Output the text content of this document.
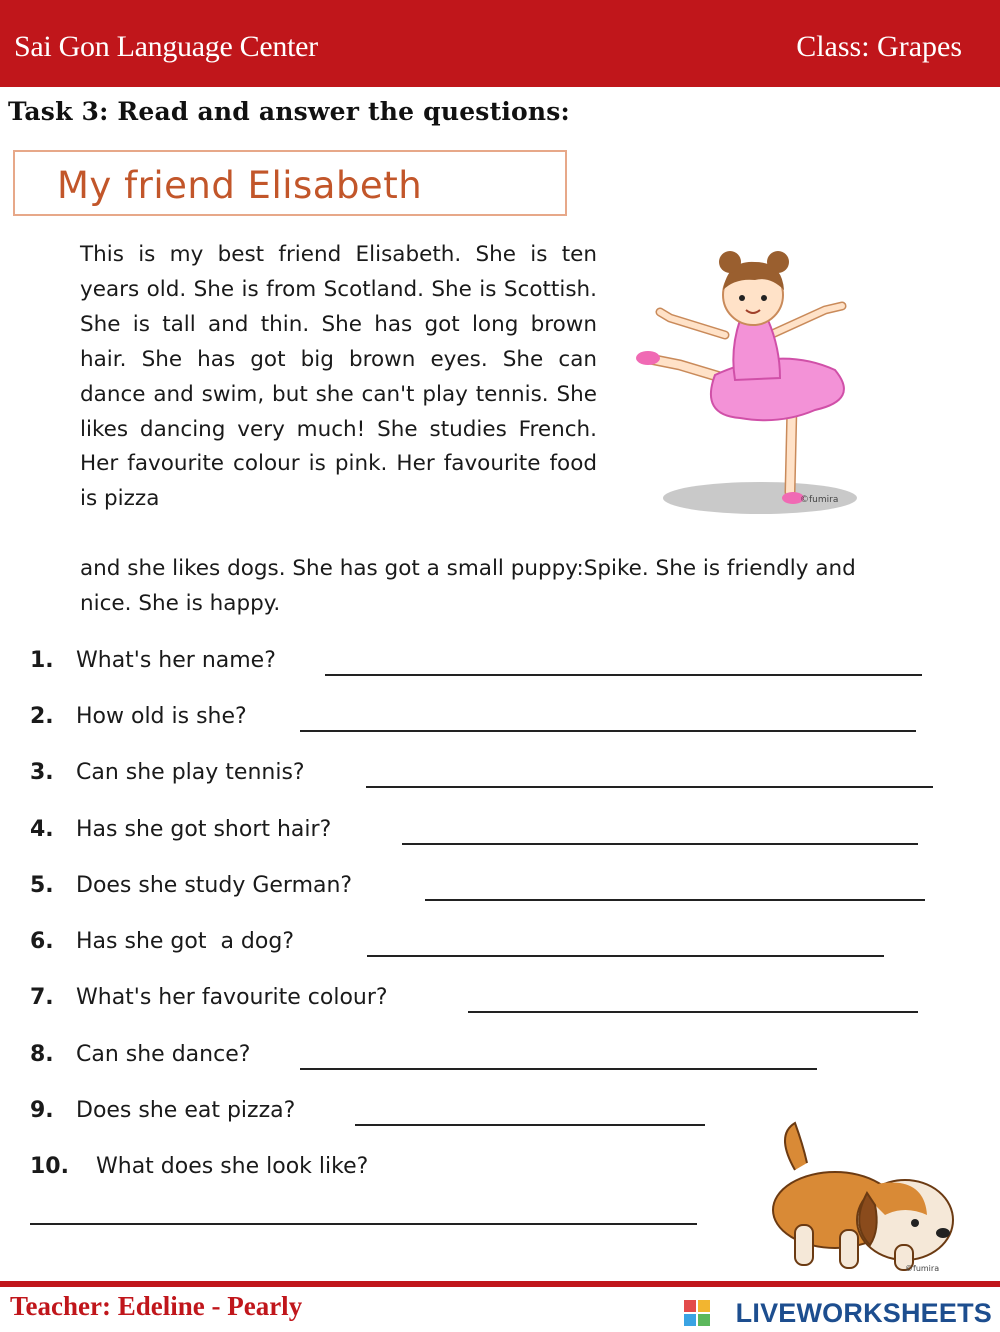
Sai Gon Language Center	Class: Grapes
Task 3: Read and answer the questions:
My friend Elisabeth
This is my best friend Elisabeth. She is ten years old. She is from Scotland. She is Scottish. She is tall and thin. She has got long brown hair. She has got big brown eyes. She can dance and swim, but she can't play tennis. She likes dancing very much! She studies French. Her favourite colour is pink. Her favourite food is pizza
and she likes dogs. She has got a small puppy:Spike. She is friendly and nice. She is happy.
©fumira
1. What's her name?
2. How old is she?
3. Can she play tennis?
4. Has she got short hair?
5. Does she study German?
6. Has she got  a dog?
7. What's her favourite colour?
8. Can she dance?
9. Does she eat pizza?
10. What does she look like?
©fumira
Teacher: Edeline - Pearly	LIVEWORKSHEETS
